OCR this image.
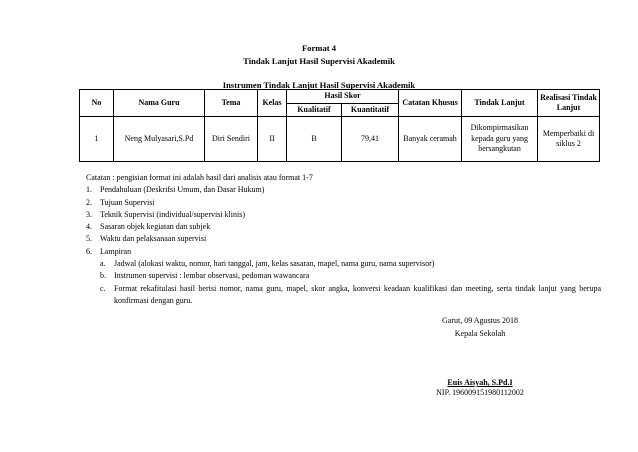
Format 4
Tindak Lanjut Hasil Supervisi Akademik
Instrumen Tindak Lanjut Hasil Supervisi Akademik
No	Nama Guru	Tema	Kelas	Hasil Skor		Catatan Khusus	Tindak Lanjut	Realisasi Tindak Lanjut
				Kualitatif	Kuantitatif			
1	Neng Mulyasari,S.Pd	Diri Sendiri	II	B	79,41	Banyak ceramah	Dikompirmasikan kepada guru yang bersangkutan	Memperbaiki di siklus 2
Catatan : pengisian format ini adalah hasil dari analisis atau format 1-7
1.	Pendahuluan (Deskrifsi Umum, dan Dasar Hukum)
2.	Tujuan Supervisi
3.	Teknik Supervisi (individual/supervisi klinis)
4.	Sasaran objek kegiatan dan subjek
5.	Waktu dan pelaksanaan supervisi
6.	Lampiran
a.	Jadwal (alokasi waktu, nomor, hari tanggal, jam, kelas sasaran, mapel, nama guru, nama supervisor)
b.	Instrumen supervisi : lembar observasi, pedoman wawancara
c.	Format rekafitulasi hasil berisi nomor, nama guru, mapel, skor angka, konversi keadaan kualifikasi dan meeting, serta tindak lanjut yang berupa konfirmasi dengan guru.
Garut, 09 Agustus 2018
Kepala Sekolah
Euis Aisyah, S.Pd.I
NIP. 196009151980112002
